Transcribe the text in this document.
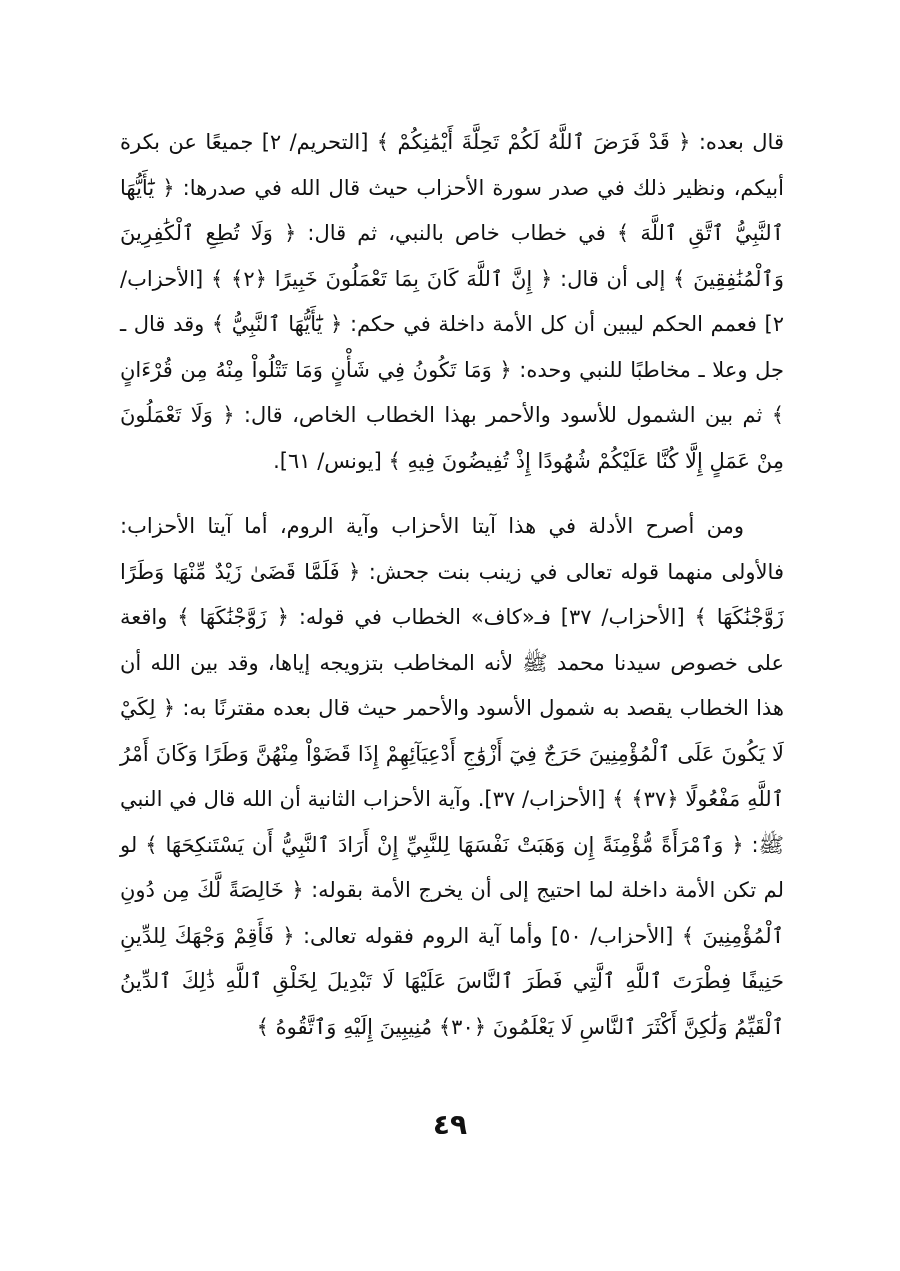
قال بعده: ﴿ قَدْ فَرَضَ ٱللَّهُ لَكُمْ تَحِلَّةَ أَيْمَٰنِكُمْ ﴾ [التحريم/ ٢] جميعًا عن بكرة أبيكم، ونظير ذلك في صدر سورة الأحزاب حيث قال الله في صدرها: ﴿ يَٰٓأَيُّهَا ٱلنَّبِيُّ ٱتَّقِ ٱللَّهَ ﴾ في خطاب خاص بالنبي، ثم قال: ﴿ وَلَا تُطِعِ ٱلْكَٰفِرِينَ وَٱلْمُنَٰفِقِينَ ﴾ إلى أن قال: ﴿ إِنَّ ٱللَّهَ كَانَ بِمَا تَعْمَلُونَ خَبِيرًا ﴿٢﴾ ﴾ [الأحزاب/ ٢] فعمم الحكم ليبين أن كل الأمة داخلة في حكم: ﴿ يَٰٓأَيُّهَا ٱلنَّبِيُّ ﴾ وقد قال ـ جل وعلا ـ مخاطبًا للنبي وحده: ﴿ وَمَا تَكُونُ فِي شَأْنٍ وَمَا تَتْلُواْ مِنْهُ مِن قُرْءَانٍ ﴾ ثم بين الشمول للأسود والأحمر بهذا الخطاب الخاص، قال: ﴿ وَلَا تَعْمَلُونَ مِنْ عَمَلٍ إِلَّا كُنَّا عَلَيْكُمْ شُهُودًا إِذْ تُفِيضُونَ فِيهِ ﴾ [يونس/ ٦١].

ومن أصرح الأدلة في هذا آيتا الأحزاب وآية الروم، أما آيتا الأحزاب: فالأولى منهما قوله تعالى في زينب بنت جحش: ﴿ فَلَمَّا قَضَىٰ زَيْدٌ مِّنْهَا وَطَرًا زَوَّجْنَٰكَهَا ﴾ [الأحزاب/ ٣٧] فـ«كاف» الخطاب في قوله: ﴿ زَوَّجْنَٰكَهَا ﴾ واقعة على خصوص سيدنا محمد ﷺ لأنه المخاطب بتزويجه إياها، وقد بين الله أن هذا الخطاب يقصد به شمول الأسود والأحمر حيث قال بعده مقترنًا به: ﴿ لِكَيْ لَا يَكُونَ عَلَى ٱلْمُؤْمِنِينَ حَرَجٌ فِيٓ أَزْوَٰجِ أَدْعِيَآئِهِمْ إِذَا قَضَوْاْ مِنْهُنَّ وَطَرًا وَكَانَ أَمْرُ ٱللَّهِ مَفْعُولًا ﴿٣٧﴾ ﴾ [الأحزاب/ ٣٧]. وآية الأحزاب الثانية أن الله قال في النبي ﷺ: ﴿ وَٱمْرَأَةً مُّؤْمِنَةً إِن وَهَبَتْ نَفْسَهَا لِلنَّبِيِّ إِنْ أَرَادَ ٱلنَّبِيُّ أَن يَسْتَنكِحَهَا ﴾ لو لم تكن الأمة داخلة لما احتيج إلى أن يخرج الأمة بقوله: ﴿ خَالِصَةً لَّكَ مِن دُونِ ٱلْمُؤْمِنِينَ ﴾ [الأحزاب/ ٥٠] وأما آية الروم فقوله تعالى: ﴿ فَأَقِمْ وَجْهَكَ لِلدِّينِ حَنِيفًا فِطْرَتَ ٱللَّهِ ٱلَّتِي فَطَرَ ٱلنَّاسَ عَلَيْهَا لَا تَبْدِيلَ لِخَلْقِ ٱللَّهِ ذَٰلِكَ ٱلدِّينُ ٱلْقَيِّمُ وَلَٰكِنَّ أَكْثَرَ ٱلنَّاسِ لَا يَعْلَمُونَ ﴿٣٠﴾ مُنِيبِينَ إِلَيْهِ وَٱتَّقُوهُ ﴾

٤٩
